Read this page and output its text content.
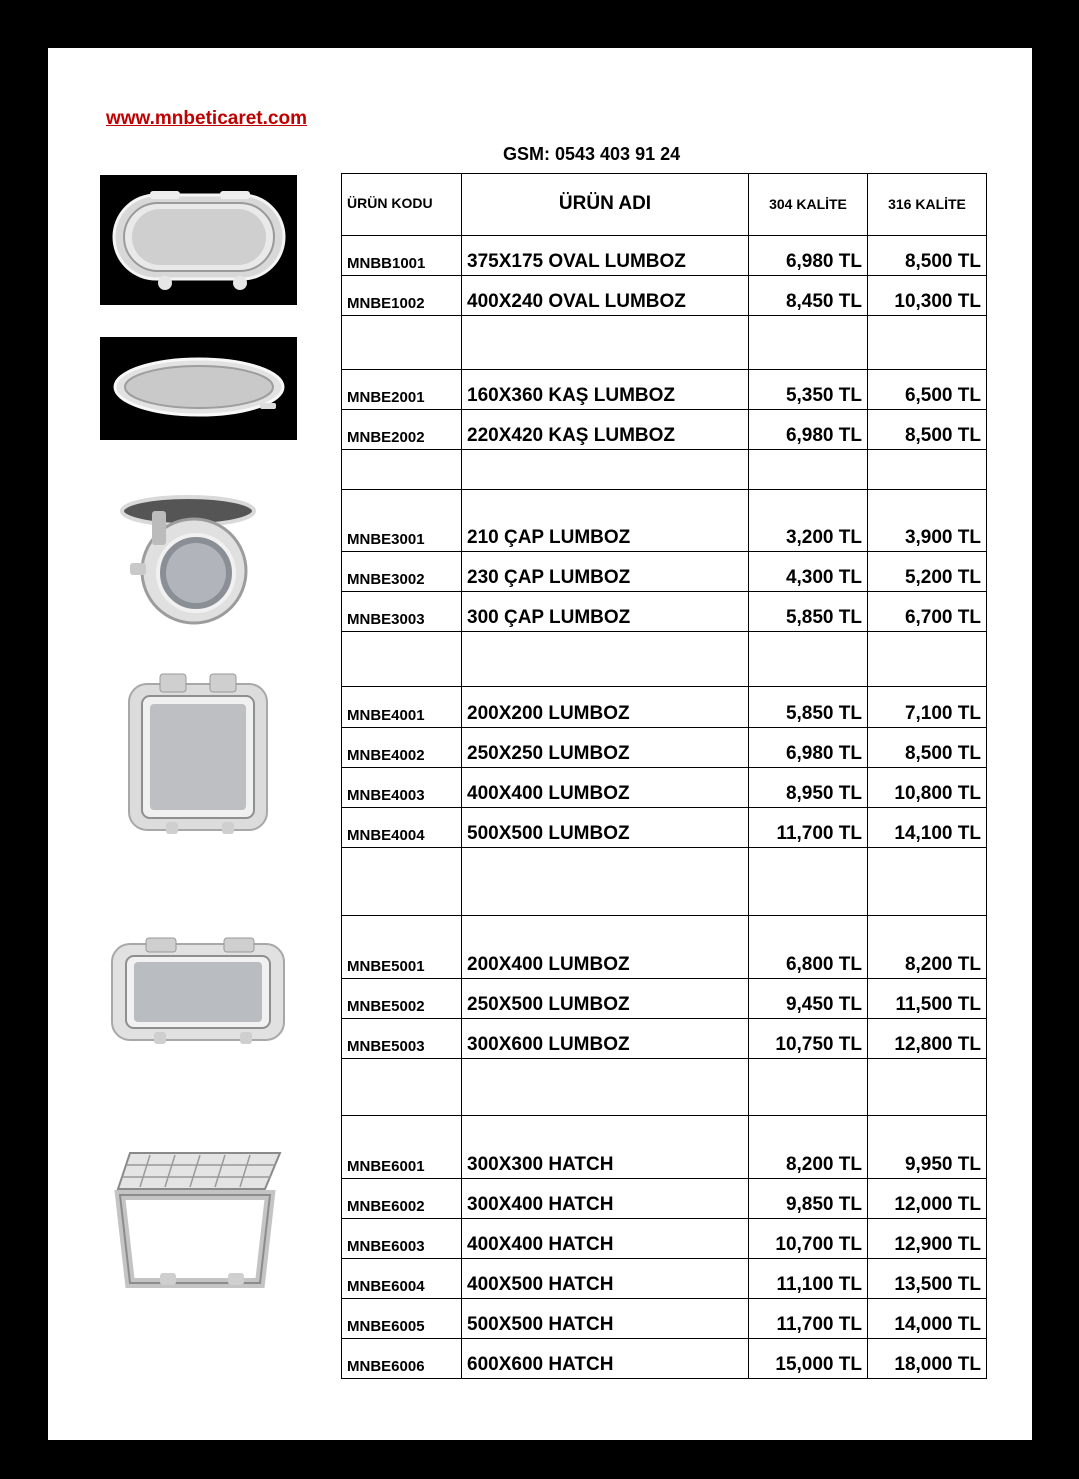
www.mnbeticaret.com
GSM: 0543 403 91 24
ÜRÜN KODU	ÜRÜN ADI	304 KALİTE	316 KALİTE
MNBB1001	375X175 OVAL LUMBOZ	6,980 TL	8,500 TL
MNBE1002	400X240 OVAL LUMBOZ	8,450 TL	10,300 TL

MNBE2001	160X360 KAŞ LUMBOZ	5,350 TL	6,500 TL
MNBE2002	220X420 KAŞ LUMBOZ	6,980 TL	8,500 TL

MNBE3001	210 ÇAP LUMBOZ	3,200 TL	3,900 TL
MNBE3002	230 ÇAP LUMBOZ	4,300 TL	5,200 TL
MNBE3003	300 ÇAP LUMBOZ	5,850 TL	6,700 TL

MNBE4001	200X200 LUMBOZ	5,850 TL	7,100 TL
MNBE4002	250X250 LUMBOZ	6,980 TL	8,500 TL
MNBE4003	400X400 LUMBOZ	8,950 TL	10,800 TL
MNBE4004	500X500 LUMBOZ	11,700 TL	14,100 TL

MNBE5001	200X400 LUMBOZ	6,800 TL	8,200 TL
MNBE5002	250X500 LUMBOZ	9,450 TL	11,500 TL
MNBE5003	300X600 LUMBOZ	10,750 TL	12,800 TL

MNBE6001	300X300 HATCH	8,200 TL	9,950 TL
MNBE6002	300X400 HATCH	9,850 TL	12,000 TL
MNBE6003	400X400 HATCH	10,700 TL	12,900 TL
MNBE6004	400X500 HATCH	11,100 TL	13,500 TL
MNBE6005	500X500 HATCH	11,700 TL	14,000 TL
MNBE6006	600X600 HATCH	15,000 TL	18,000 TL
